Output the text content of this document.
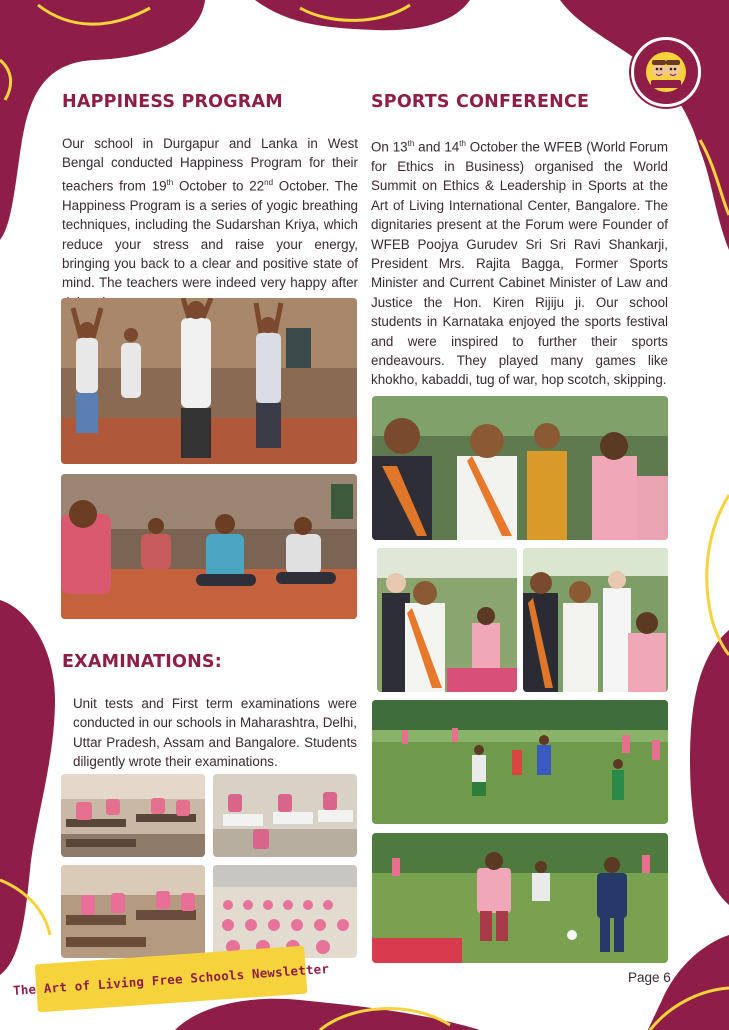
HAPPINESS PROGRAM
Our school in Durgapur and Lanka in West Bengal conducted Happiness Program for their teachers from 19th October to 22nd October. The Happiness Program is a series of yogic breathing techniques, including the Sudarshan Kriya, which reduce your stress and raise your energy, bringing you back to a clear and positive state of mind. The teachers were indeed very happy after
EXAMINATIONS:
Unit tests and First term examinations were conducted in our schools in Maharashtra, Delhi, Uttar Pradesh, Assam and Bangalore. Students diligently wrote their examinations.
SPORTS CONFERENCE
On 13th and 14th October the WFEB (World Forum for Ethics in Business) organised the World Summit on Ethics & Leadership in Sports at the Art of Living International Center, Bangalore. The dignitaries present at the Forum were Founder of WFEB Poojya Gurudev Sri Sri Ravi Shankarji, President Mrs. Rajita Bagga, Former Sports Minister and Current Cabinet Minister of Law and Justice the Hon. Kiren Rijiju ji. Our school students in Karnataka enjoyed the sports festival and were inspired to further their sports endeavours. They played many games like khokho, kabaddi, tug of war, hop scotch, skipping.
The Art of Living Free Schools Newsletter	Page 6
